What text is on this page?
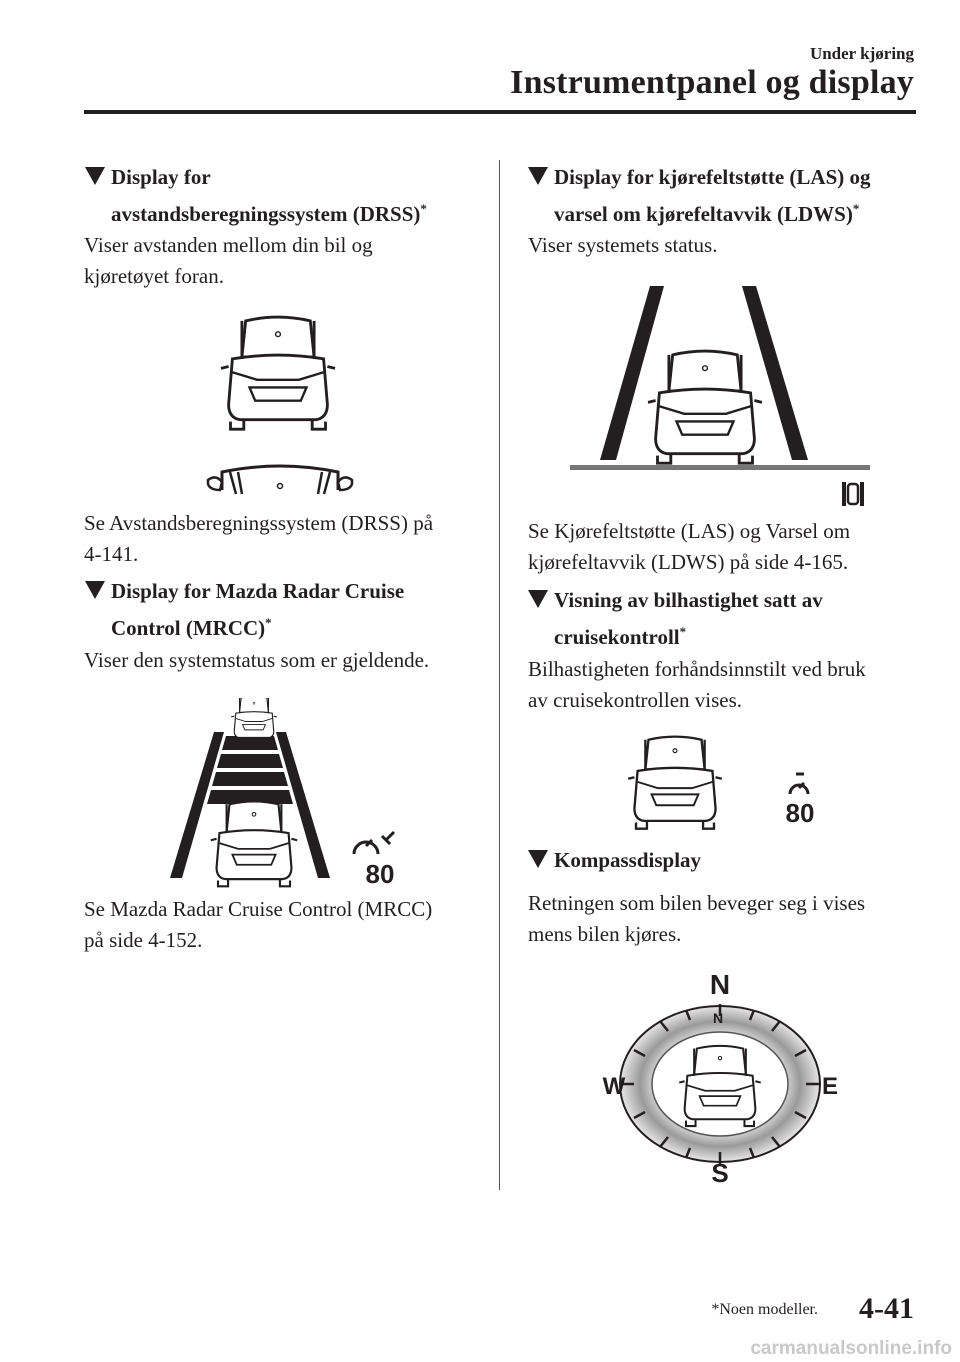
Under kjøring
Instrumentpanel og display
Display for
avstandsberegningssystem (DRSS)*
Viser avstanden mellom din bil og
kjøretøyet foran.
Se Avstandsberegningssystem (DRSS) på
4-141.
Display for Mazda Radar Cruise
Control (MRCC)*
Viser den systemstatus som er gjeldende.
80
Se Mazda Radar Cruise Control (MRCC)
på side 4-152.
Display for kjørefeltstøtte (LAS) og
varsel om kjørefeltavvik (LDWS)*
Viser systemets status.
Se Kjørefeltstøtte (LAS) og Varsel om
kjørefeltavvik (LDWS) på side 4-165.
Visning av bilhastighet satt av
cruisekontroll*
Bilhastigheten forhåndsinnstilt ved bruk
av cruisekontrollen vises.
80
Kompassdisplay
Retningen som bilen beveger seg i vises
mens bilen kjøres.
N
N
E
S
W
*Noen modeller. 4-41
carmanualsonline.info
